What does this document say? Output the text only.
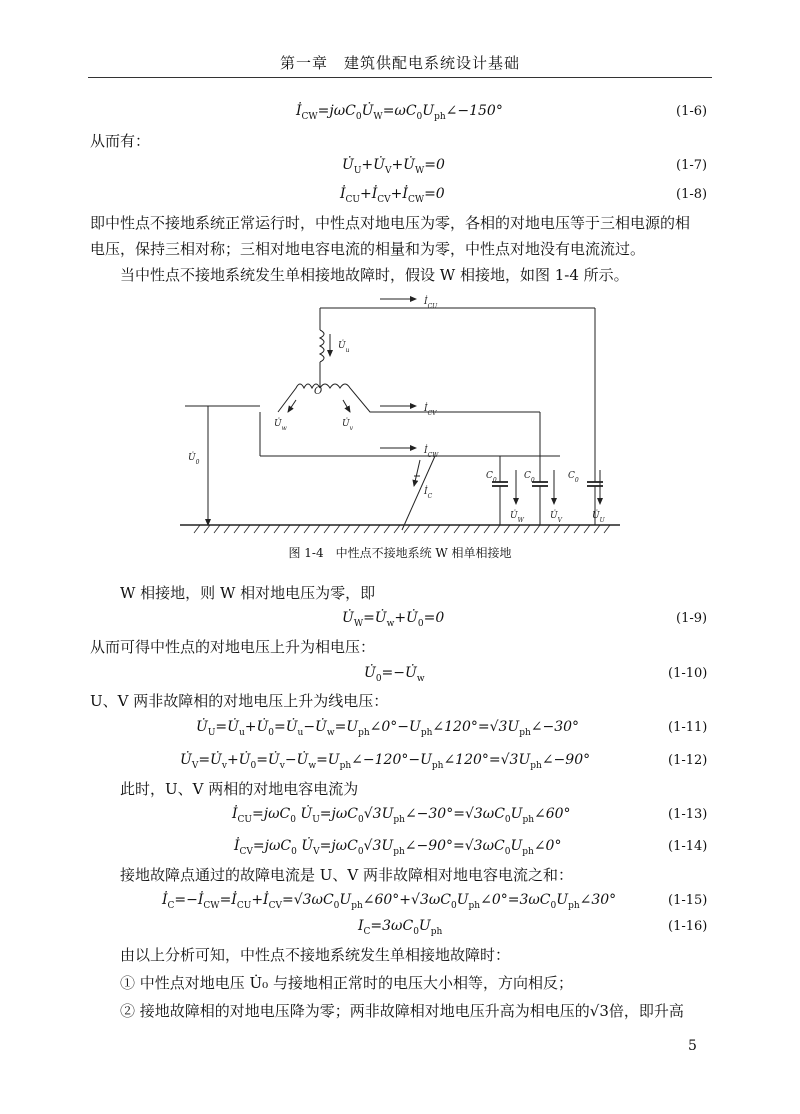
第一章　建筑供配电系统设计基础
$İ_{CW}=j\omega C_0U̇_W=\omega C_0U_{ph}\angle-150^\circ$	(1-6)
从而有：
$U̇_U+U̇_V+U̇_W=0$	(1-7)
$İ_{CU}+İ_{CV}+İ_{CW}=0$	(1-8)
即中性点不接地系统正常运行时，中性点对地电压为零，各相的对地电压等于三相电源的相
电压，保持三相对称；三相对地电容电流的相量和为零，中性点对地没有电流流过。
当中性点不接地系统发生单相接地故障时，假设 W 相接地，如图 1-4 所示。
$İ_{CU}$
$İ_{CV}$
$İ_{CW}$
$U̇_u$
$U̇_w$	$U̇_v$
O
$U̇_0$
$İ_C$
$C_0$	$C_0$	$C_0$
$U̇_W$	$U̇_V$	$U̇_U$
图 1-4　中性点不接地系统 W 相单相接地
W 相接地，则 W 相对地电压为零，即
$U̇_W=U̇_w+U̇_0=0$	(1-9)
从而可得中性点的对地电压上升为相电压：
$U̇_0=-U̇_w$	(1-10)
U、V 两非故障相的对地电压上升为线电压：
$U̇_U=U̇_u+U̇_0=U̇_u-U̇_w=U_{ph}\angle 0^\circ-U_{ph}\angle 120^\circ=√3U_{ph}\angle-30^\circ$	(1-11)
$U̇_V=U̇_v+U̇_0=U̇_v-U̇_w=U_{ph}\angle-120^\circ-U_{ph}\angle 120^\circ=√3U_{ph}\angle-90^\circ$	(1-12)
此时，U、V 两相的对地电容电流为
$İ_{CU}=j\omega C_0$ $U̇_U=j\omega C_0√3U_{ph}\angle-30^\circ=√3\omega C_0U_{ph}\angle 60^\circ$	(1-13)
$İ_{CV}=j\omega C_0$ $U̇_V=j\omega C_0√3U_{ph}\angle-90^\circ=√3\omega C_0U_{ph}\angle 0^\circ$	(1-14)
接地故障点通过的故障电流是 U、V 两非故障相对地电容电流之和：
$İ_C=-İ_{CW}=İ_{CU}+İ_{CV}=√3\omega C_0U_{ph}\angle 60^\circ+√3\omega C_0U_{ph}\angle 0^\circ=3\omega C_0U_{ph}\angle 30^\circ$	(1-15)
$I_C=3\omega C_0U_{ph}$	(1-16)
由以上分析可知，中性点不接地系统发生单相接地故障时：
① 中性点对地电压 U̇₀ 与接地相正常时的电压大小相等，方向相反；
② 接地故障相的对地电压降为零；两非故障相对地电压升高为相电压的√3倍，即升高
5
